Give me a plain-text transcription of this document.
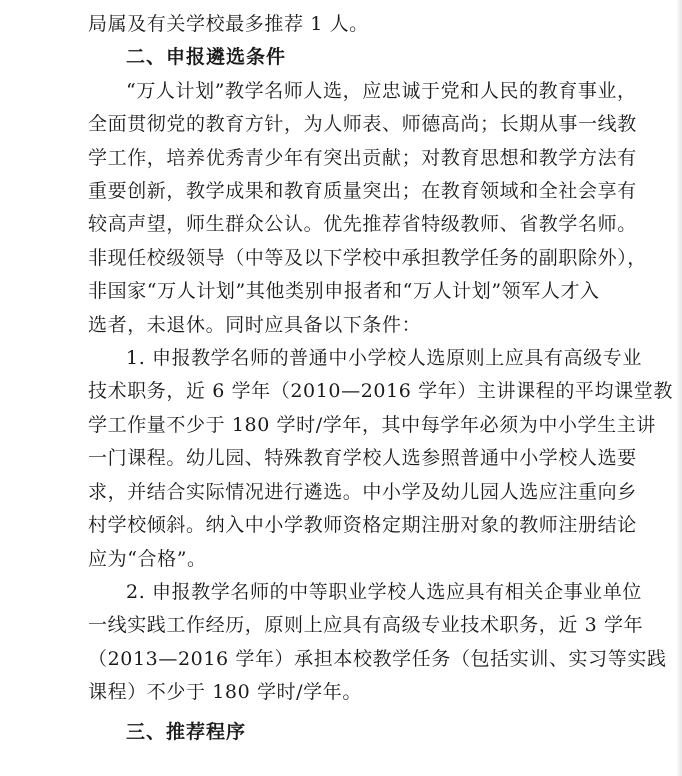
局属及有关学校最多推荐 1 人。
二、申报遴选条件
“万人计划”教学名师人选，应忠诚于党和人民的教育事业，
全面贯彻党的教育方针，为人师表、师德高尚；长期从事一线教
学工作，培养优秀青少年有突出贡献；对教育思想和教学方法有
重要创新，教学成果和教育质量突出；在教育领域和全社会享有
较高声望，师生群众公认。优先推荐省特级教师、省教学名师。
非现任校级领导（中等及以下学校中承担教学任务的副职除外），
非国家“万人计划”其他类别申报者和“万人计划”领军人才入
选者，未退休。同时应具备以下条件：
1. 申报教学名师的普通中小学校人选原则上应具有高级专业
技术职务，近 6 学年（2010—2016 学年）主讲课程的平均课堂教
学工作量不少于 180 学时/学年，其中每学年必须为中小学生主讲
一门课程。幼儿园、特殊教育学校人选参照普通中小学校人选要
求，并结合实际情况进行遴选。中小学及幼儿园人选应注重向乡
村学校倾斜。纳入中小学教师资格定期注册对象的教师注册结论
应为“合格”。
2. 申报教学名师的中等职业学校人选应具有相关企事业单位
一线实践工作经历，原则上应具有高级专业技术职务，近 3 学年
（2013—2016 学年）承担本校教学任务（包括实训、实习等实践
课程）不少于 180 学时/学年。
三、推荐程序
